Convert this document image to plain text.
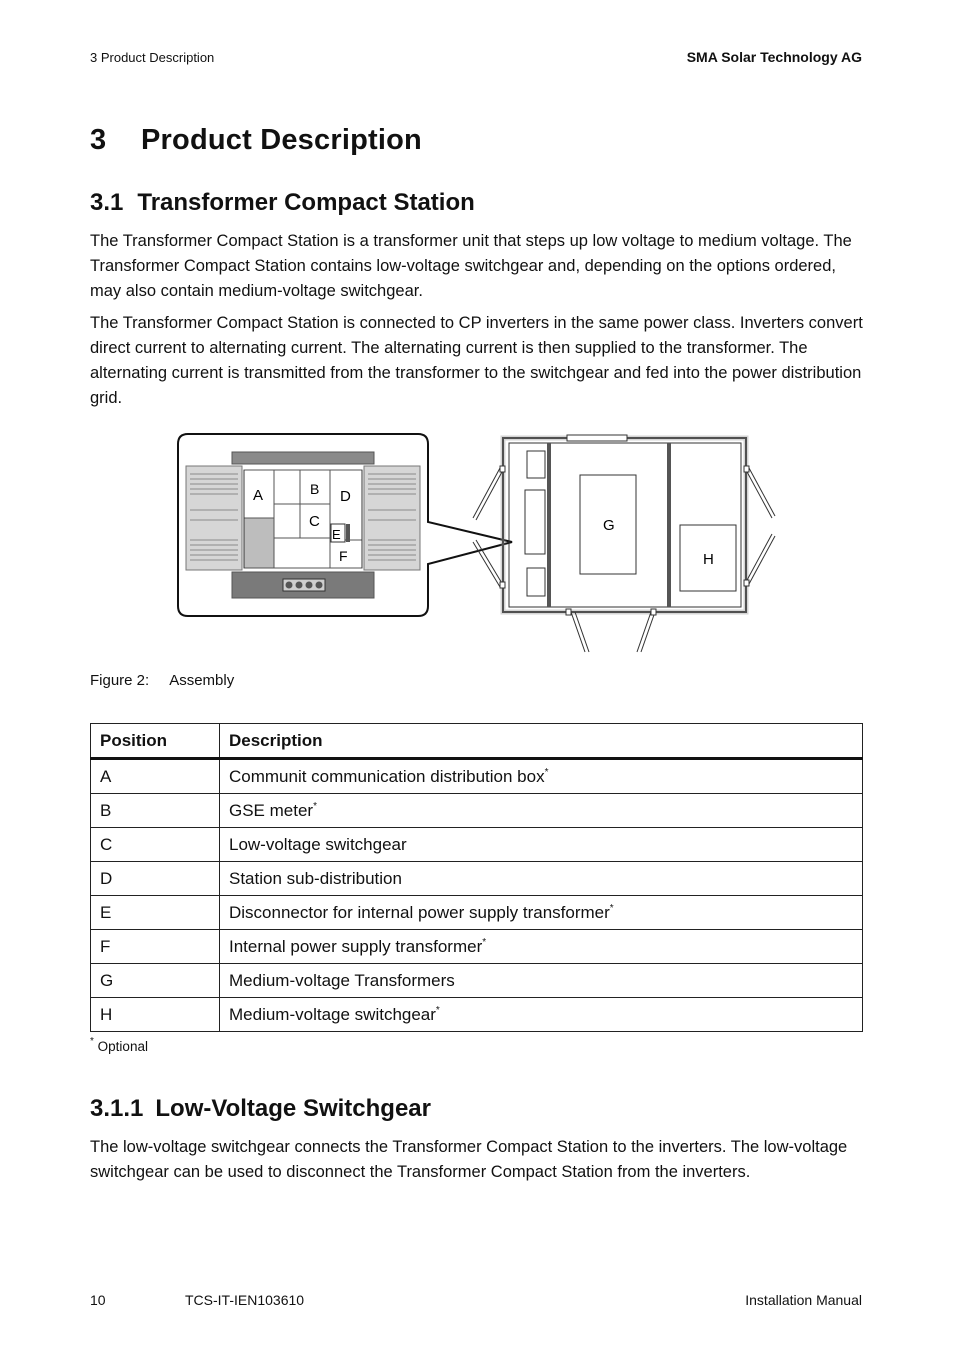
3 Product Description	SMA Solar Technology AG
3 Product Description
3.1 Transformer Compact Station
The Transformer Compact Station is a transformer unit that steps up low voltage to medium voltage. The Transformer Compact Station contains low-voltage switchgear and, depending on the options ordered, may also contain medium-voltage switchgear.
The Transformer Compact Station is connected to CP inverters in the same power class. Inverters convert direct current to alternating current. The alternating current is then supplied to the transformer. The alternating current is transmitted from the transformer to the switchgear and fed into the power distribution grid.
A	B D
C
E
F
G
H
Figure 2: Assembly
Position	Description
A	Communit communication distribution box*
B	GSE meter*
C	Low-voltage switchgear
D	Station sub-distribution
E	Disconnector for internal power supply transformer*
F	Internal power supply transformer*
G	Medium-voltage Transformers
H	Medium-voltage switchgear*
* Optional
3.1.1 Low-Voltage Switchgear
The low-voltage switchgear connects the Transformer Compact Station to the inverters. The low-voltage switchgear can be used to disconnect the Transformer Compact Station from the inverters.
10	TCS-IT-IEN103610	Installation Manual
